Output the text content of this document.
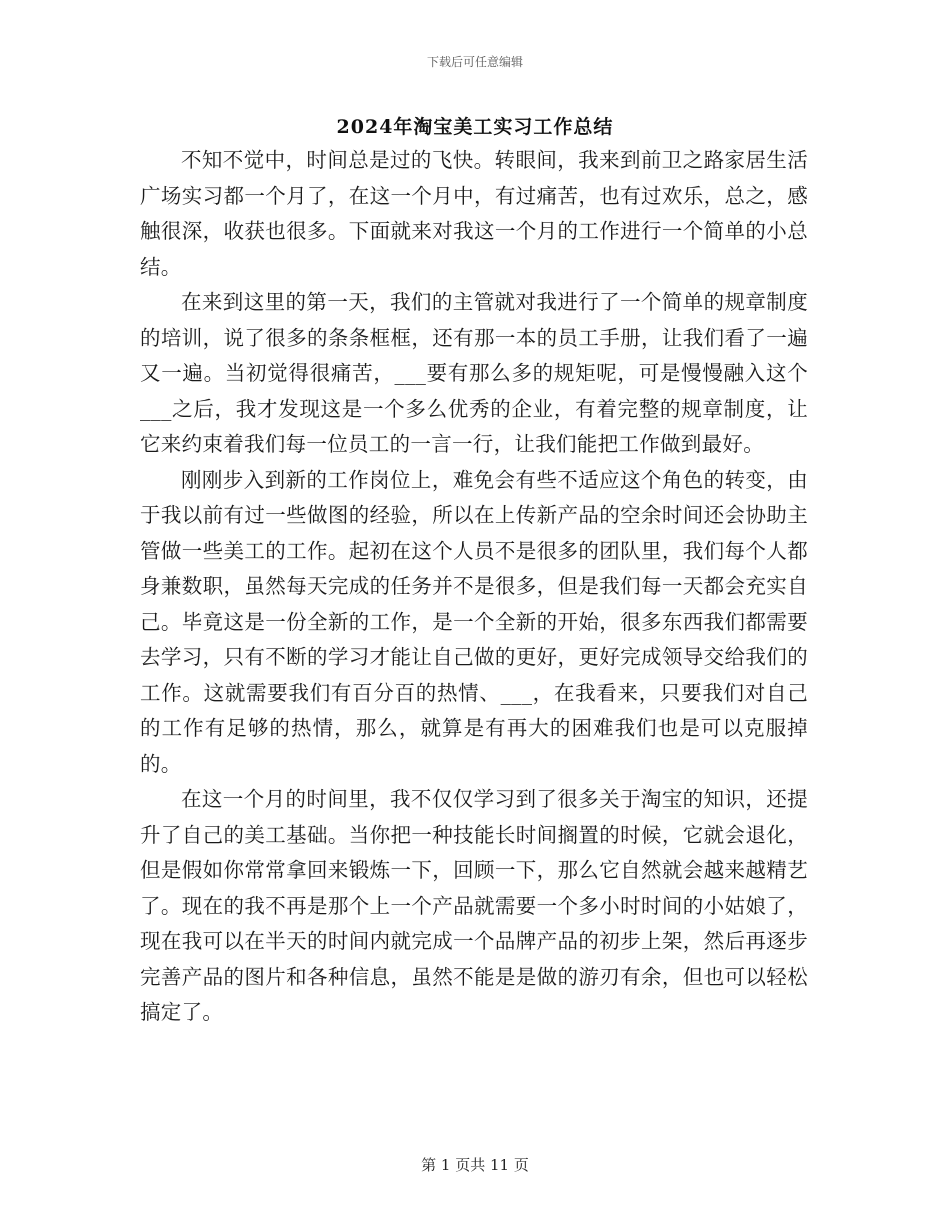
下载后可任意编辑
2024年淘宝美工实习工作总结

不知不觉中，时间总是过的飞快。转眼间，我来到前卫之路家居生活广场实习都一个月了，在这一个月中，有过痛苦，也有过欢乐，总之，感触很深，收获也很多。下面就来对我这一个月的工作进行一个简单的小总结。

在来到这里的第一天，我们的主管就对我进行了一个简单的规章制度的培训，说了很多的条条框框，还有那一本的员工手册，让我们看了一遍又一遍。当初觉得很痛苦，___要有那么多的规矩呢，可是慢慢融入这个___之后，我才发现这是一个多么优秀的企业，有着完整的规章制度，让它来约束着我们每一位员工的一言一行，让我们能把工作做到最好。

刚刚步入到新的工作岗位上，难免会有些不适应这个角色的转变，由于我以前有过一些做图的经验，所以在上传新产品的空余时间还会协助主管做一些美工的工作。起初在这个人员不是很多的团队里，我们每个人都身兼数职，虽然每天完成的任务并不是很多，但是我们每一天都会充实自己。毕竟这是一份全新的工作，是一个全新的开始，很多东西我们都需要去学习，只有不断的学习才能让自己做的更好，更好完成领导交给我们的工作。这就需要我们有百分百的热情、___，在我看来，只要我们对自己的工作有足够的热情，那么，就算是有再大的困难我们也是可以克服掉的。

在这一个月的时间里，我不仅仅学习到了很多关于淘宝的知识，还提升了自己的美工基础。当你把一种技能长时间搁置的时候，它就会退化，但是假如你常常拿回来锻炼一下，回顾一下，那么它自然就会越来越精艺了。现在的我不再是那个上一个产品就需要一个多小时时间的小姑娘了，现在我可以在半天的时间内就完成一个品牌产品的初步上架，然后再逐步完善产品的图片和各种信息，虽然不能是是做的游刃有余，但也可以轻松搞定了。

第 1 页共 11 页
